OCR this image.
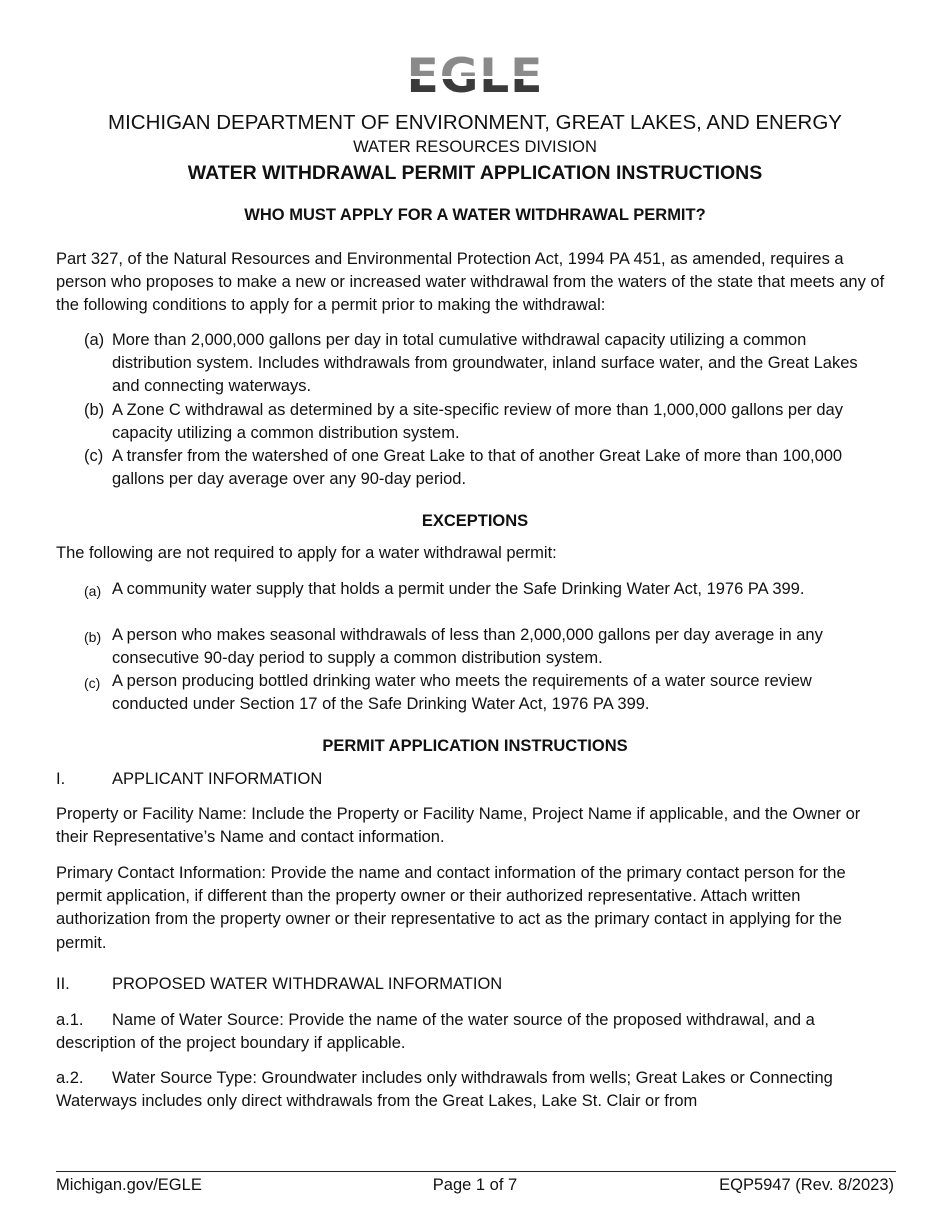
EGLE
MICHIGAN DEPARTMENT OF ENVIRONMENT, GREAT LAKES, AND ENERGY
WATER RESOURCES DIVISION
WATER WITHDRAWAL PERMIT APPLICATION INSTRUCTIONS
WHO MUST APPLY FOR A WATER WITDHRAWAL PERMIT?
Part 327, of the Natural Resources and Environmental Protection Act, 1994 PA 451, as amended, requires a person who proposes to make a new or increased water withdrawal from the waters of the state that meets any of the following conditions to apply for a permit prior to making the withdrawal:
(a) More than 2,000,000 gallons per day in total cumulative withdrawal capacity utilizing a common distribution system. Includes withdrawals from groundwater, inland surface water, and the Great Lakes and connecting waterways.
(b) A Zone C withdrawal as determined by a site-specific review of more than 1,000,000 gallons per day capacity utilizing a common distribution system.
(c) A transfer from the watershed of one Great Lake to that of another Great Lake of more than 100,000 gallons per day average over any 90-day period.
EXCEPTIONS
The following are not required to apply for a water withdrawal permit:
(a) A community water supply that holds a permit under the Safe Drinking Water Act, 1976 PA 399.
(b) A person who makes seasonal withdrawals of less than 2,000,000 gallons per day average in any consecutive 90-day period to supply a common distribution system.
(c) A person producing bottled drinking water who meets the requirements of a water source review conducted under Section 17 of the Safe Drinking Water Act, 1976 PA 399.
PERMIT APPLICATION INSTRUCTIONS
I.	APPLICANT INFORMATION
Property or Facility Name: Include the Property or Facility Name, Project Name if applicable, and the Owner or their Representative’s Name and contact information.
Primary Contact Information: Provide the name and contact information of the primary contact person for the permit application, if different than the property owner or their authorized representative. Attach written authorization from the property owner or their representative to act as the primary contact in applying for the permit.
II.	PROPOSED WATER WITHDRAWAL INFORMATION
a.1. Name of Water Source: Provide the name of the water source of the proposed withdrawal, and a description of the project boundary if applicable.
a.2. Water Source Type: Groundwater includes only withdrawals from wells; Great Lakes or Connecting Waterways includes only direct withdrawals from the Great Lakes, Lake St. Clair or from
Michigan.gov/EGLE	Page 1 of 7	EQP5947 (Rev. 8/2023)
